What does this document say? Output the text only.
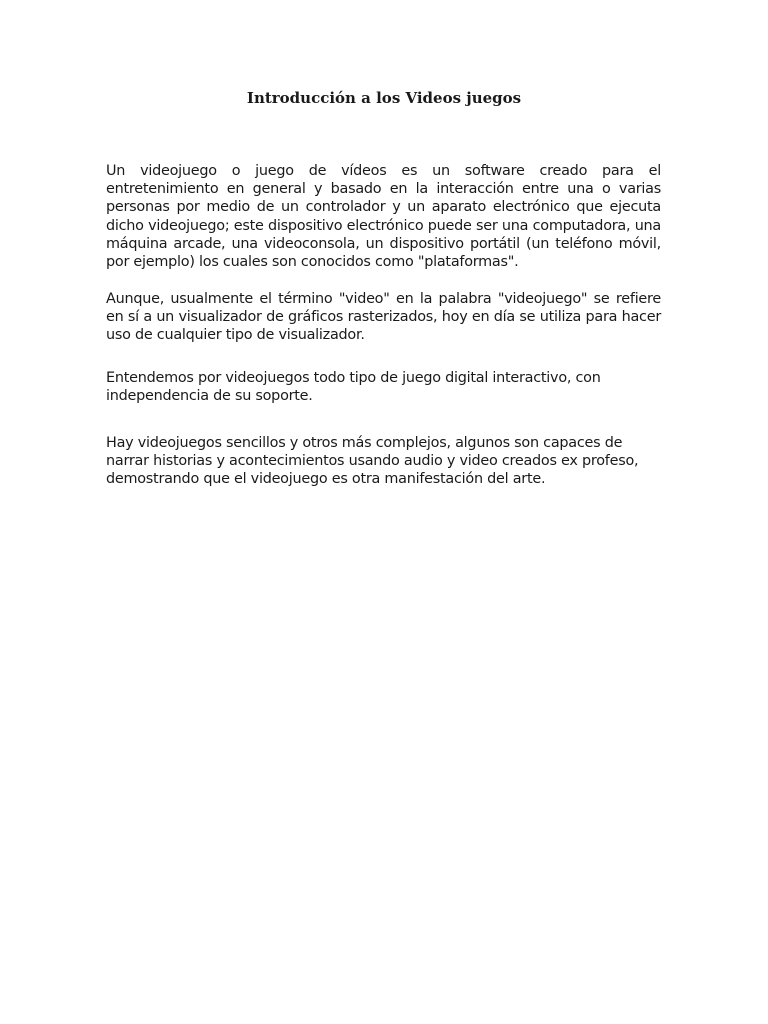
Introducción a los Videos juegos

Un videojuego o juego de vídeos es un software creado para el entretenimiento en general y basado en la interacción entre una o varias personas por medio de un controlador y un aparato electrónico que ejecuta dicho videojuego; este dispositivo electrónico puede ser una computadora, una máquina arcade, una videoconsola, un dispositivo portátil (un teléfono móvil, por ejemplo) los cuales son conocidos como "plataformas".

Aunque, usualmente el término "video" en la palabra "videojuego" se refiere en sí a un visualizador de gráficos rasterizados, hoy en día se utiliza para hacer uso de cualquier tipo de visualizador.

Entendemos por videojuegos todo tipo de juego digital interactivo, con independencia de su soporte.

Hay videojuegos sencillos y otros más complejos, algunos son capaces de narrar historias y acontecimientos usando audio y video creados ex profeso, demostrando que el videojuego es otra manifestación del arte.
